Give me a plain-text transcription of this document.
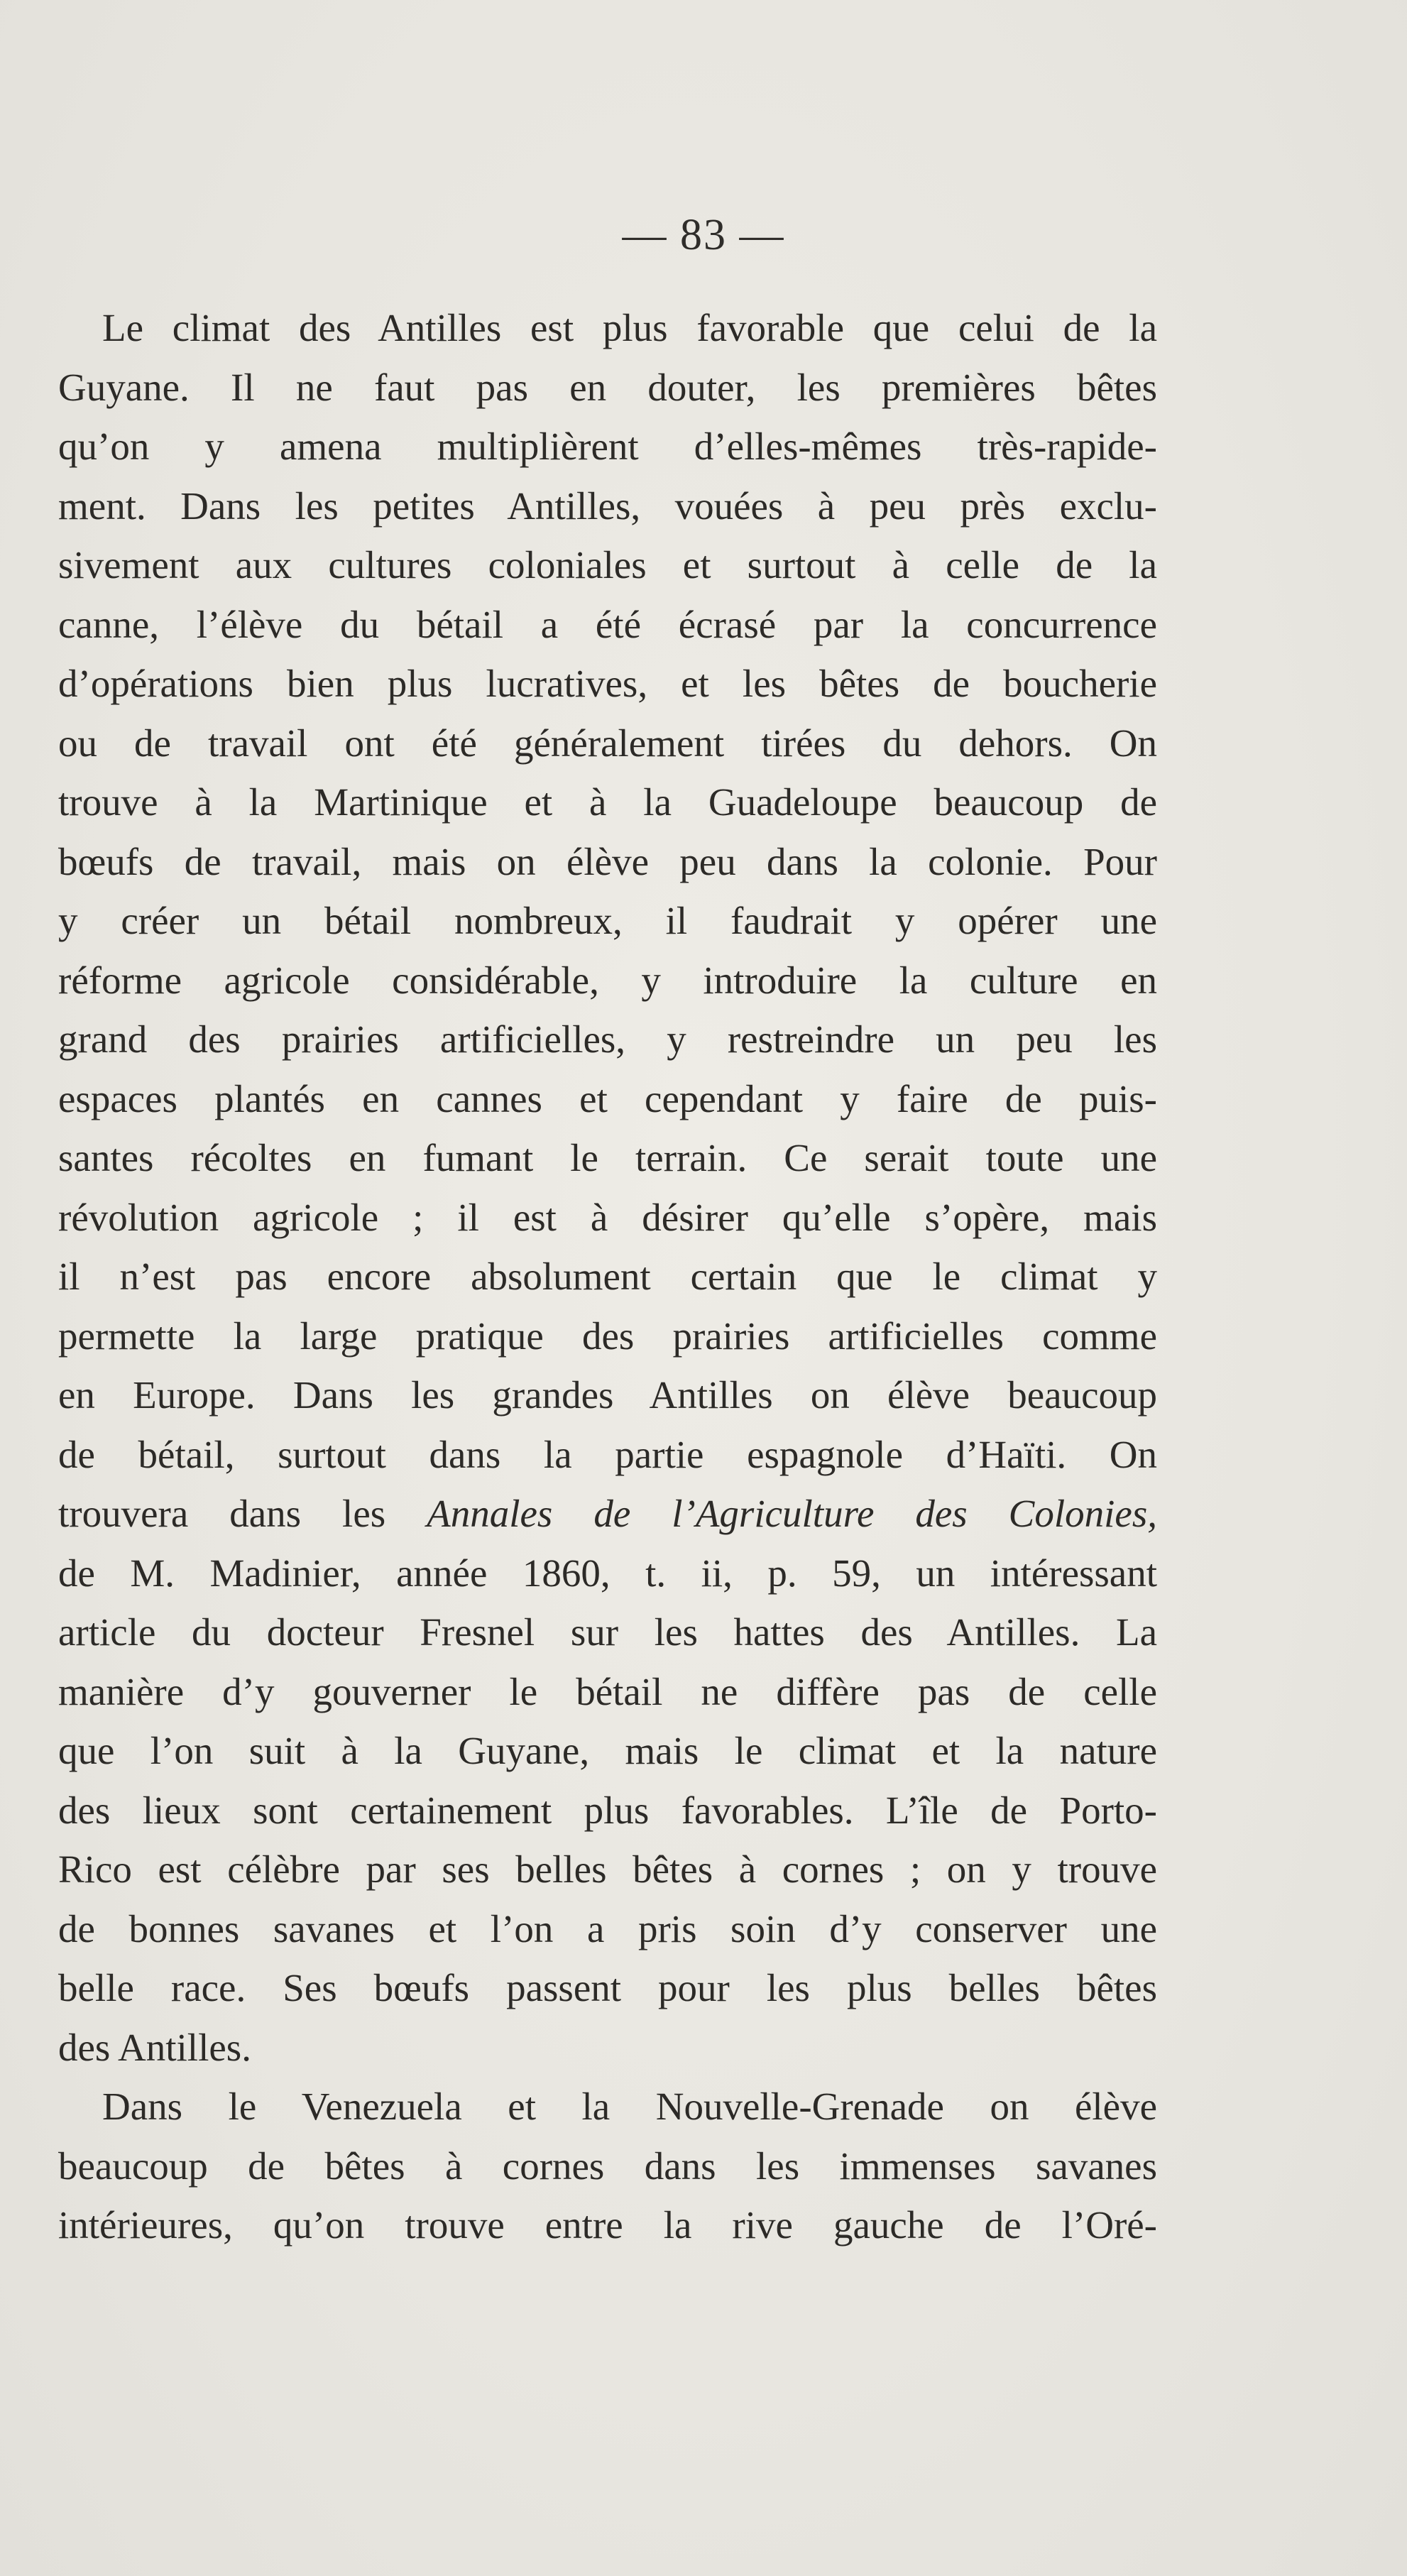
— 83 —
Le climat des Antilles est plus favorable que celui de la
Guyane. Il ne faut pas en douter, les premières bêtes
qu’on y amena multiplièrent d’elles-mêmes très-rapide-
ment. Dans les petites Antilles, vouées à peu près exclu-
sivement aux cultures coloniales et surtout à celle de la
canne, l’élève du bétail a été écrasé par la concurrence
d’opérations bien plus lucratives, et les bêtes de boucherie
ou de travail ont été généralement tirées du dehors. On
trouve à la Martinique et à la Guadeloupe beaucoup de
bœufs de travail, mais on élève peu dans la colonie. Pour
y créer un bétail nombreux, il faudrait y opérer une
réforme agricole considérable, y introduire la culture en
grand des prairies artificielles, y restreindre un peu les
espaces plantés en cannes et cependant y faire de puis-
santes récoltes en fumant le terrain. Ce serait toute une
révolution agricole ; il est à désirer qu’elle s’opère, mais
il n’est pas encore absolument certain que le climat y
permette la large pratique des prairies artificielles comme
en Europe. Dans les grandes Antilles on élève beaucoup
de bétail, surtout dans la partie espagnole d’Haïti. On
trouvera dans les Annales de l’Agriculture des Colonies,
de M. Madinier, année 1860, t. ii, p. 59, un intéressant
article du docteur Fresnel sur les hattes des Antilles. La
manière d’y gouverner le bétail ne diffère pas de celle
que l’on suit à la Guyane, mais le climat et la nature
des lieux sont certainement plus favorables. L’île de Porto-
Rico est célèbre par ses belles bêtes à cornes ; on y trouve
de bonnes savanes et l’on a pris soin d’y conserver une
belle race. Ses bœufs passent pour les plus belles bêtes
des Antilles.
Dans le Venezuela et la Nouvelle-Grenade on élève
beaucoup de bêtes à cornes dans les immenses savanes
intérieures, qu’on trouve entre la rive gauche de l’Oré-
